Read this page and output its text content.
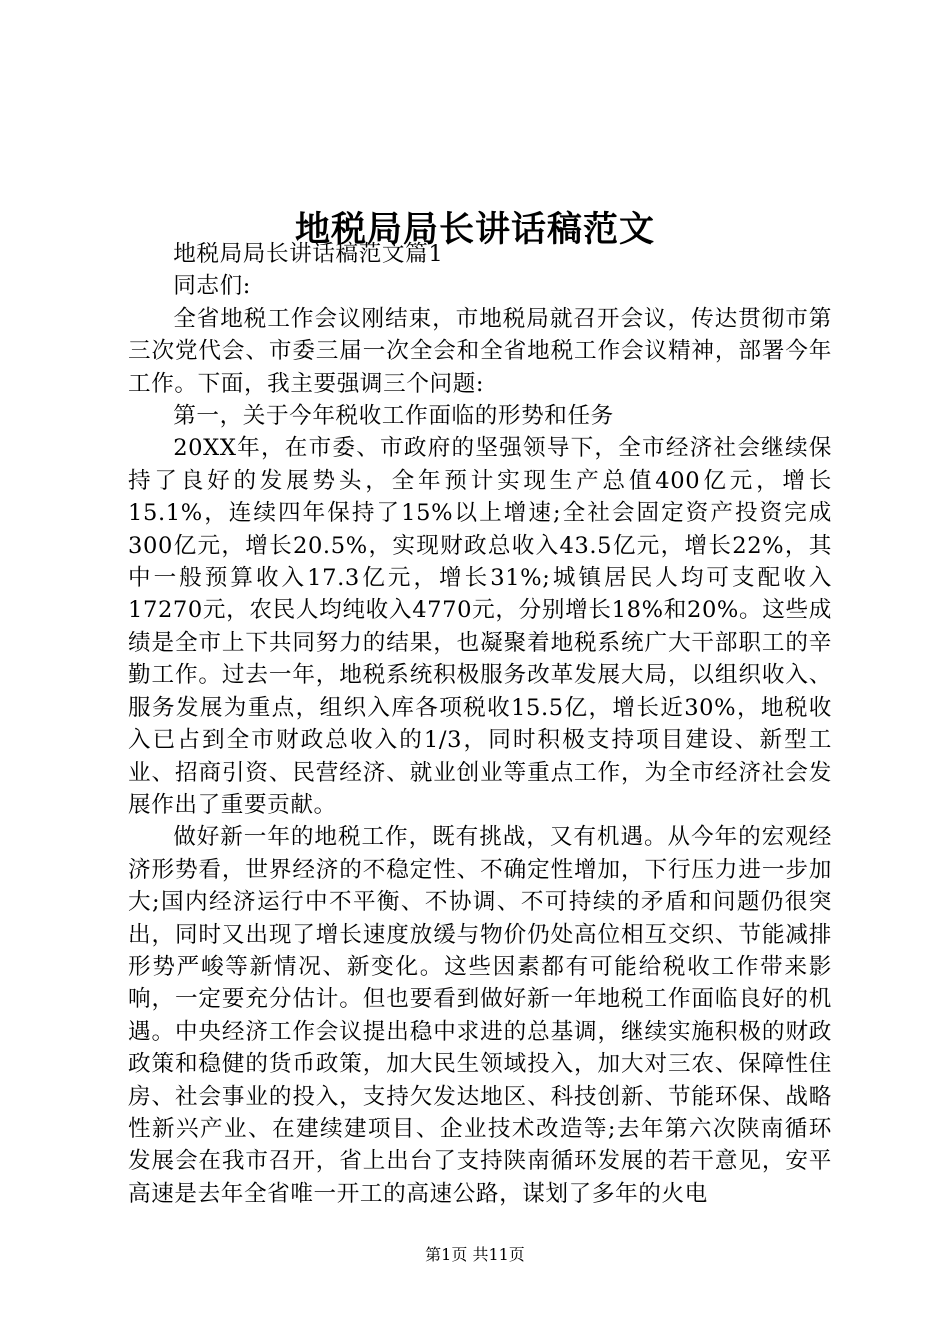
地税局局长讲话稿范文

地税局局长讲话稿范文篇1

同志们:

全省地税工作会议刚结束，市地税局就召开会议，传达贯彻市第三次党代会、市委三届一次全会和全省地税工作会议精神，部署今年工作。下面，我主要强调三个问题:

第一，关于今年税收工作面临的形势和任务

20XX年，在市委、市政府的坚强领导下，全市经济社会继续保持了良好的发展势头，全年预计实现生产总值400亿元，增长15.1%，连续四年保持了15%以上增速;全社会固定资产投资完成300亿元，增长20.5%，实现财政总收入43.5亿元，增长22%，其中一般预算收入17.3亿元，增长31%;城镇居民人均可支配收入17270元，农民人均纯收入4770元，分别增长18%和20%。这些成绩是全市上下共同努力的结果，也凝聚着地税系统广大干部职工的辛勤工作。过去一年，地税系统积极服务改革发展大局，以组织收入、服务发展为重点，组织入库各项税收15.5亿，增长近30%，地税收入已占到全市财政总收入的1/3，同时积极支持项目建设、新型工业、招商引资、民营经济、就业创业等重点工作，为全市经济社会发展作出了重要贡献。

做好新一年的地税工作，既有挑战，又有机遇。从今年的宏观经济形势看，世界经济的不稳定性、不确定性增加，下行压力进一步加大;国内经济运行中不平衡、不协调、不可持续的矛盾和问题仍很突出，同时又出现了增长速度放缓与物价仍处高位相互交织、节能减排形势严峻等新情况、新变化。这些因素都有可能给税收工作带来影响，一定要充分估计。但也要看到做好新一年地税工作面临良好的机遇。中央经济工作会议提出稳中求进的总基调，继续实施积极的财政政策和稳健的货币政策，加大民生领域投入，加大对三农、保障性住房、社会事业的投入，支持欠发达地区、科技创新、节能环保、战略性新兴产业、在建续建项目、企业技术改造等;去年第六次陕南循环发展会在我市召开，省上出台了支持陕南循环发展的若干意见，安平高速是去年全省唯一开工的高速公路，谋划了多年的火电

第1页 共11页
